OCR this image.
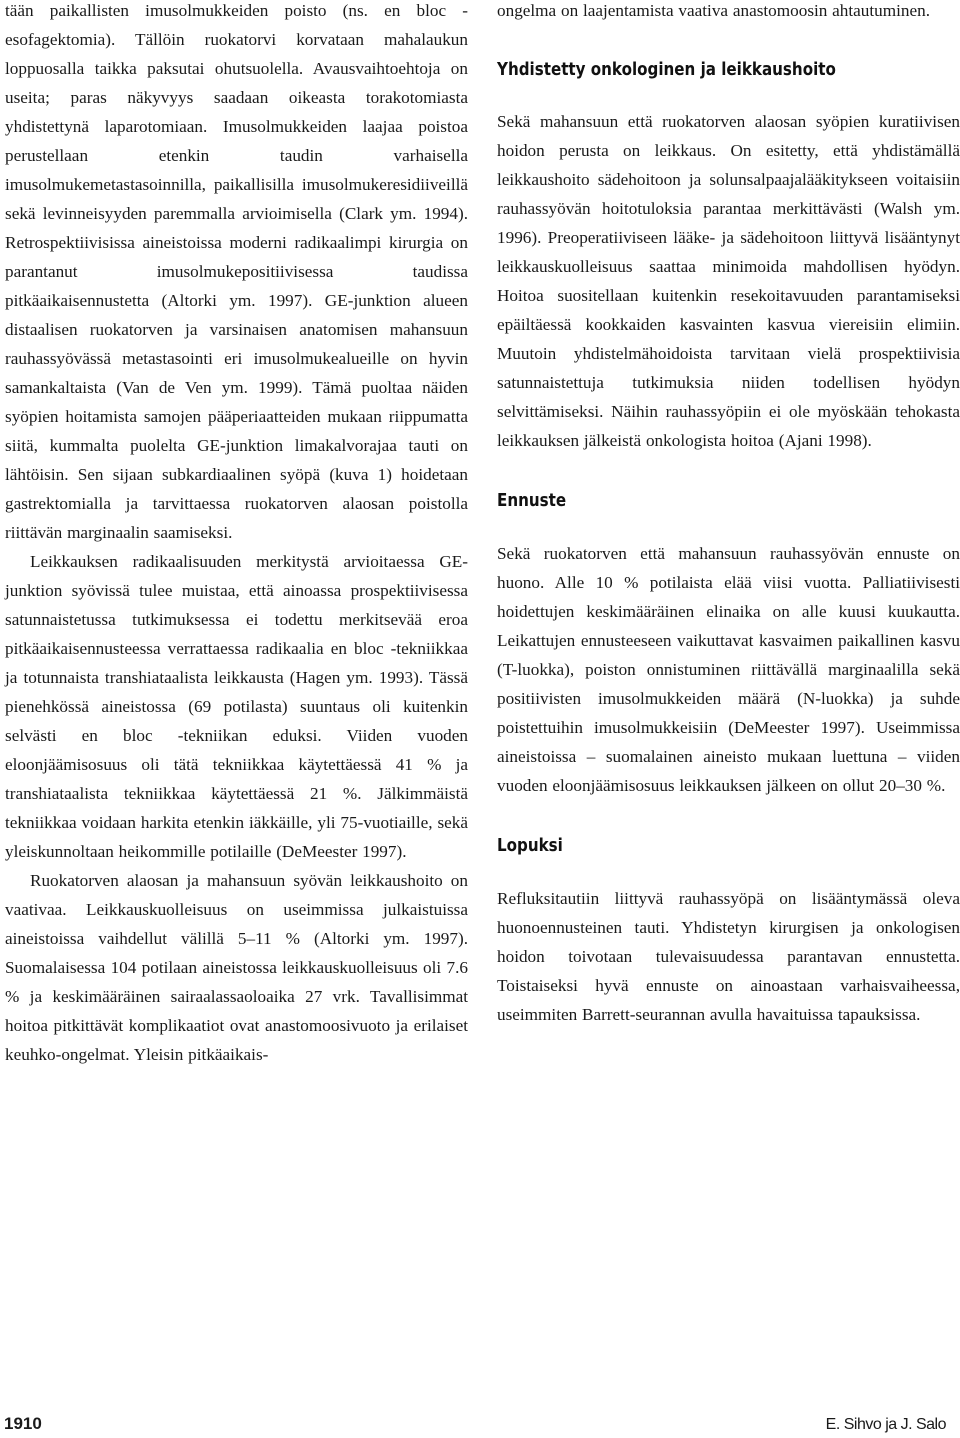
tään paikallisten imusolmukkeiden poisto (ns. en bloc -esofagektomia). Tällöin ruokatorvi korvataan mahalaukun loppuosalla taikka paksutai ohutsuolella. Avausvaihtoehtoja on useita; paras näkyvyys saadaan oikeasta torakotomiasta yhdistettynä laparotomiaan. Imusolmukkeiden laajaa poistoa perustellaan etenkin taudin varhaisella imusolmukemetastasoinnilla, paikallisilla imusolmukeresidiiveillä sekä levinneisyyden paremmalla arvioimisella (Clark ym. 1994). Retrospektiivisissa aineistoissa moderni radikaalimpi kirurgia on parantanut imusolmukepositiivisessa taudissa pitkäaikaisennustetta (Altorki ym. 1997). GE-junktion alueen distaalisen ruokatorven ja varsinaisen anatomisen mahansuun rauhassyövässä metastasointi eri imusolmukealueille on hyvin samankaltaista (Van de Ven ym. 1999). Tämä puoltaa näiden syöpien hoitamista samojen pääperiaatteiden mukaan riippumatta siitä, kummalta puolelta GE-junktion limakalvorajaa tauti on lähtöisin. Sen sijaan subkardiaalinen syöpä (kuva 1) hoidetaan gastrektomialla ja tarvittaessa ruokatorven alaosan poistolla riittävän marginaalin saamiseksi.

Leikkauksen radikaalisuuden merkitystä arvioitaessa GE-junktion syövissä tulee muistaa, että ainoassa prospektiivisessa satunnaistetussa tutkimuksessa ei todettu merkitsevää eroa pitkäaikaisennusteessa verrattaessa radikaalia en bloc -tekniikkaa ja totunnaista transhiataalista leikkausta (Hagen ym. 1993). Tässä pienehkössä aineistossa (69 potilasta) suuntaus oli kuitenkin selvästi en bloc -tekniikan eduksi. Viiden vuoden eloonjäämisosuus oli tätä tekniikkaa käytettäessä 41 % ja transhiataalista tekniikkaa käytettäessä 21 %. Jälkimmäistä tekniikkaa voidaan harkita etenkin iäkkäille, yli 75-vuotiaille, sekä yleiskunnoltaan heikommille potilaille (DeMeester 1997).

Ruokatorven alaosan ja mahansuun syövän leikkaushoito on vaativaa. Leikkauskuolleisuus on useimmissa julkaistuissa aineistoissa vaihdellut välillä 5–11 % (Altorki ym. 1997). Suomalaisessa 104 potilaan aineistossa leikkauskuolleisuus oli 7.6 % ja keskimääräinen sairaalassaoloaika 27 vrk. Tavallisimmat hoitoa pitkittävät komplikaatiot ovat anastomoosivuoto ja erilaiset keuhko-ongelmat. Yleisin pitkäaikais-

ongelma on laajentamista vaativa anastomoosin ahtautuminen.

Yhdistetty onkologinen ja leikkaushoito

Sekä mahansuun että ruokatorven alaosan syöpien kuratiivisen hoidon perusta on leikkaus. On esitetty, että yhdistämällä leikkaushoito sädehoitoon ja solunsalpaajalääkitykseen voitaisiin rauhassyövän hoitotuloksia parantaa merkittävästi (Walsh ym. 1996). Preoperatiiviseen lääke- ja sädehoitoon liittyvä lisääntynyt leikkauskuolleisuus saattaa minimoida mahdollisen hyödyn. Hoitoa suositellaan kuitenkin resekoitavuuden parantamiseksi epäiltäessä kookkaiden kasvainten kasvua viereisiin elimiin. Muutoin yhdistelmähoidoista tarvitaan vielä prospektiivisia satunnaistettuja tutkimuksia niiden todellisen hyödyn selvittämiseksi. Näihin rauhassyöpiin ei ole myöskään tehokasta leikkauksen jälkeistä onkologista hoitoa (Ajani 1998).

Ennuste

Sekä ruokatorven että mahansuun rauhassyövän ennuste on huono. Alle 10 % potilaista elää viisi vuotta. Palliatiivisesti hoidettujen keskimääräinen elinaika on alle kuusi kuukautta. Leikattujen ennusteeseen vaikuttavat kasvaimen paikallinen kasvu (T-luokka), poiston onnistuminen riittävällä marginaalilla sekä positiivisten imusolmukkeiden määrä (N-luokka) ja suhde poistettuihin imusolmukkeisiin (DeMeester 1997). Useimmissa aineistoissa – suomalainen aineisto mukaan luettuna – viiden vuoden eloonjäämisosuus leikkauksen jälkeen on ollut 20–30 %.

Lopuksi

Refluksitautiin liittyvä rauhassyöpä on lisääntymässä oleva huonoennusteinen tauti. Yhdistetyn kirurgisen ja onkologisen hoidon toivotaan tulevaisuudessa parantavan ennustetta. Toistaiseksi hyvä ennuste on ainoastaan varhaisvaiheessa, useimmiten Barrett-seurannan avulla havaituissa tapauksissa.

1910	E. Sihvo ja J. Salo
